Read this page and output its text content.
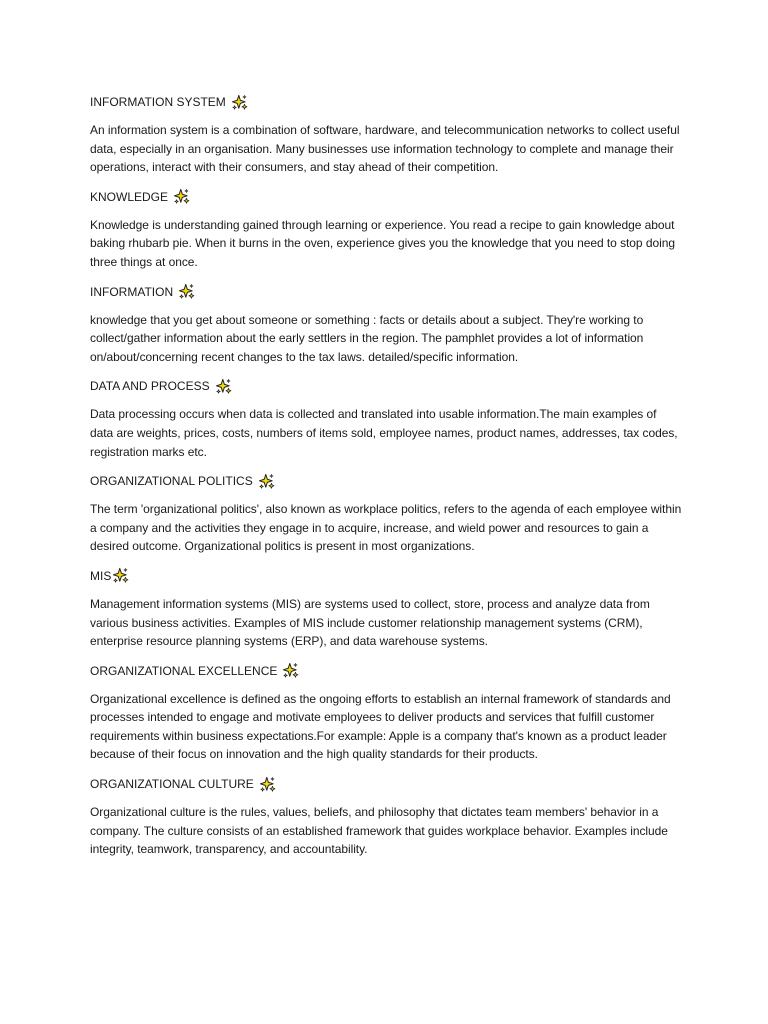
INFORMATION SYSTEM

An information system is a combination of software, hardware, and telecommunication networks to collect useful data, especially in an organisation. Many businesses use information technology to complete and manage their operations, interact with their consumers, and stay ahead of their competition.

KNOWLEDGE

Knowledge is understanding gained through learning or experience. You read a recipe to gain knowledge about baking rhubarb pie. When it burns in the oven, experience gives you the knowledge that you need to stop doing three things at once.

INFORMATION

knowledge that you get about someone or something : facts or details about a subject. They're working to collect/gather information about the early settlers in the region. The pamphlet provides a lot of information on/about/concerning recent changes to the tax laws. detailed/specific information.

DATA AND PROCESS

Data processing occurs when data is collected and translated into usable information.The main examples of data are weights, prices, costs, numbers of items sold, employee names, product names, addresses, tax codes, registration marks etc.

ORGANIZATIONAL POLITICS

The term 'organizational politics', also known as workplace politics, refers to the agenda of each employee within a company and the activities they engage in to acquire, increase, and wield power and resources to gain a desired outcome. Organizational politics is present in most organizations.

MIS

Management information systems (MIS) are systems used to collect, store, process and analyze data from various business activities. Examples of MIS include customer relationship management systems (CRM), enterprise resource planning systems (ERP), and data warehouse systems.

ORGANIZATIONAL EXCELLENCE

Organizational excellence is defined as the ongoing efforts to establish an internal framework of standards and processes intended to engage and motivate employees to deliver products and services that fulfill customer requirements within business expectations.For example: Apple is a company that's known as a product leader because of their focus on innovation and the high quality standards for their products.

ORGANIZATIONAL CULTURE

Organizational culture is the rules, values, beliefs, and philosophy that dictates team members' behavior in a company. The culture consists of an established framework that guides workplace behavior. Examples include integrity, teamwork, transparency, and accountability.
